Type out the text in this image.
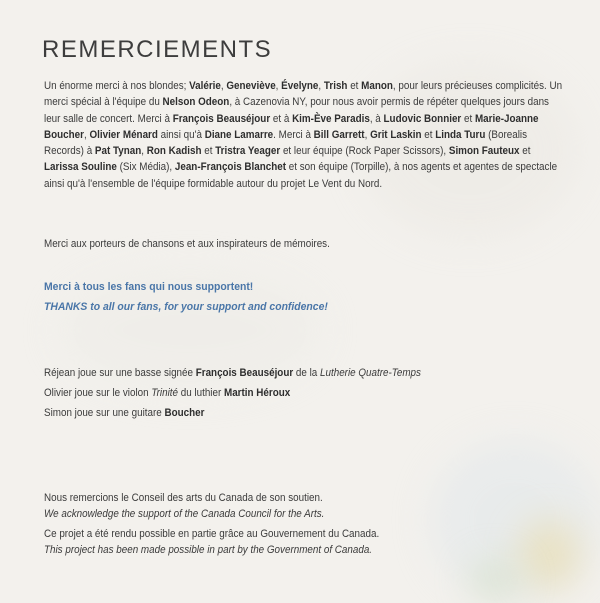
REMERCIEMENTS
Un énorme merci à nos blondes; Valérie, Geneviève, Évelyne, Trish et Manon, pour leurs précieuses complicités. Un merci spécial à l'équipe du Nelson Odeon, à Cazenovia NY, pour nous avoir permis de répéter quelques jours dans leur salle de concert. Merci à François Beauséjour et à Kim-Ève Paradis, à Ludovic Bonnier et Marie-Joanne Boucher, Olivier Ménard ainsi qu'à Diane Lamarre. Merci à Bill Garrett, Grit Laskin et Linda Turu (Borealis Records) à Pat Tynan, Ron Kadish et Tristra Yeager et leur équipe (Rock Paper Scissors), Simon Fauteux et Larissa Souline (Six Média), Jean-François Blanchet et son équipe (Torpille), à nos agents et agentes de spectacle ainsi qu'à l'ensemble de l'équipe formidable autour du projet Le Vent du Nord.
Merci aux porteurs de chansons et aux inspirateurs de mémoires.
Merci à tous les fans qui nous supportent!
THANKS to all our fans, for your support and confidence!
Réjean joue sur une basse signée François Beauséjour de la Lutherie Quatre-Temps
Olivier joue sur le violon Trinité du luthier Martin Héroux
Simon joue sur une guitare Boucher
Nous remercions le Conseil des arts du Canada de son soutien.
We acknowledge the support of the Canada Council for the Arts.
Ce projet a été rendu possible en partie grâce au Gouvernement du Canada.
This project has been made possible in part by the Government of Canada.
